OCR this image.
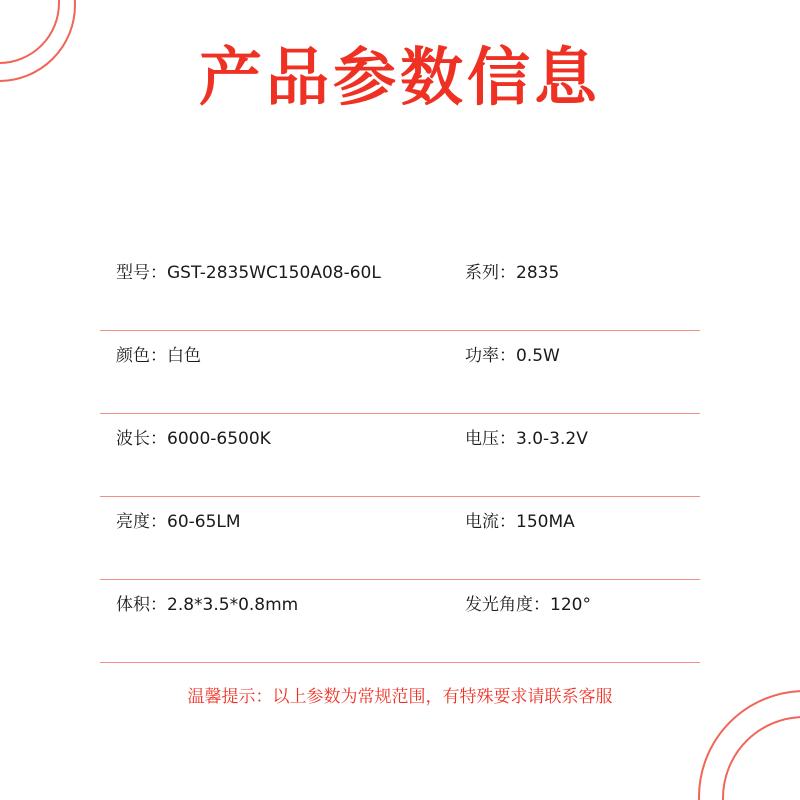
产品参数信息
型号：GST-2835WC150A08-60L	系列：2835
颜色：白色	功率：0.5W
波长：6000-6500K	电压：3.0-3.2V
亮度：60-65LM	电流：150MA
体积：2.8*3.5*0.8mm	发光角度：120°
温馨提示：以上参数为常规范围，有特殊要求请联系客服
